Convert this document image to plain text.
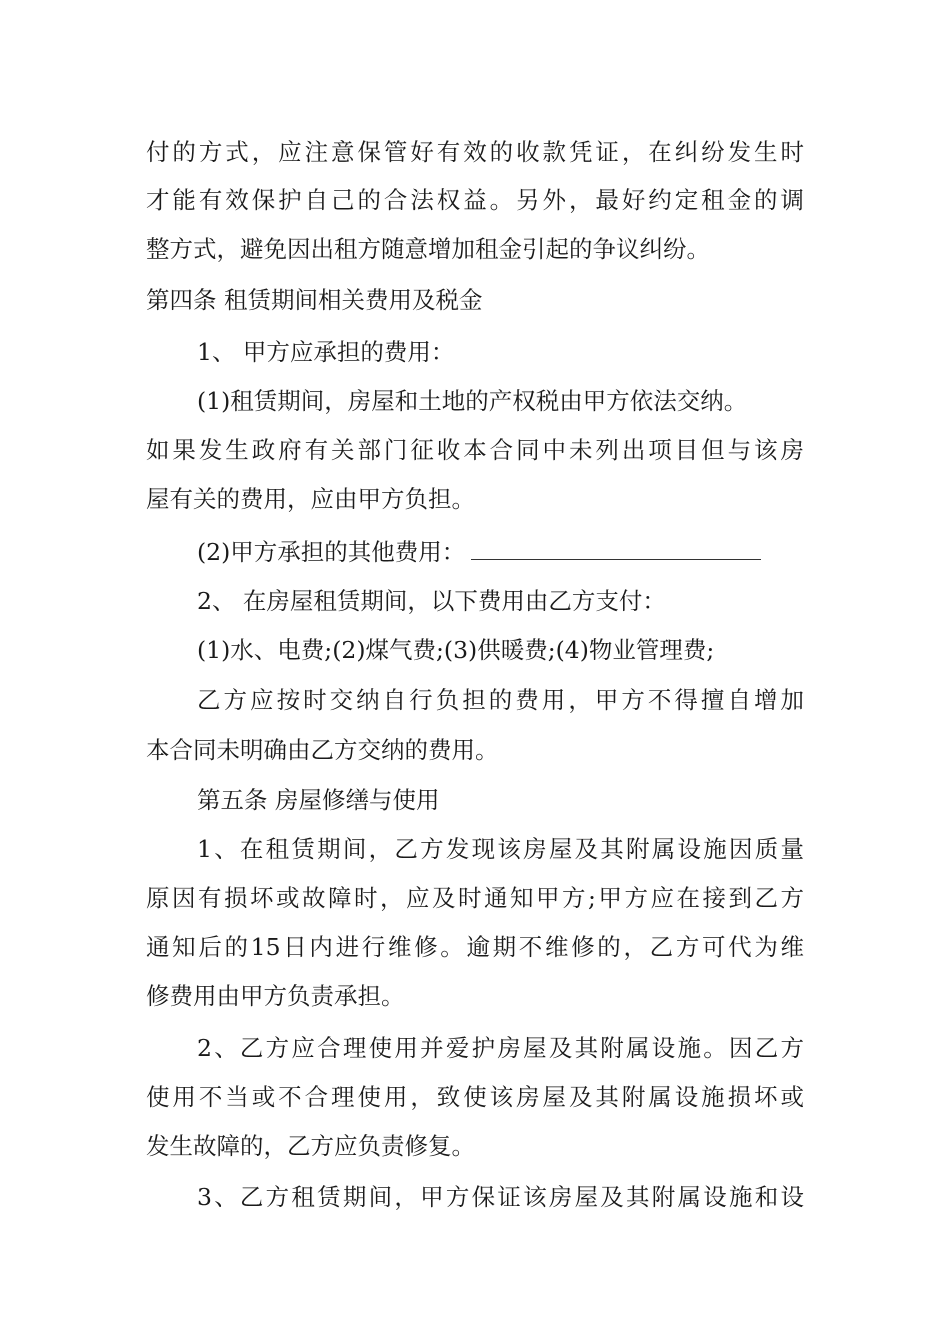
付的方式，应注意保管好有效的收款凭证，在纠纷发生时
才能有效保护自己的合法权益。另外，最好约定租金的调
整方式，避免因出租方随意增加租金引起的争议纠纷。
第四条 租赁期间相关费用及税金
1、 甲方应承担的费用：
(1)租赁期间，房屋和土地的产权税由甲方依法交纳。
如果发生政府有关部门征收本合同中未列出项目但与该房
屋有关的费用，应由甲方负担。
(2)甲方承担的其他费用：
2、 在房屋租赁期间，以下费用由乙方支付：
(1)水、电费;(2)煤气费;(3)供暖费;(4)物业管理费;
乙方应按时交纳自行负担的费用，甲方不得擅自增加
本合同未明确由乙方交纳的费用。
第五条 房屋修缮与使用
1、在租赁期间，乙方发现该房屋及其附属设施因质量
原因有损坏或故障时，应及时通知甲方;甲方应在接到乙方
通知后的15日内进行维修。逾期不维修的，乙方可代为维
修费用由甲方负责承担。
2、乙方应合理使用并爱护房屋及其附属设施。因乙方
使用不当或不合理使用，致使该房屋及其附属设施损坏或
发生故障的，乙方应负责修复。
3、乙方租赁期间，甲方保证该房屋及其附属设施和设
